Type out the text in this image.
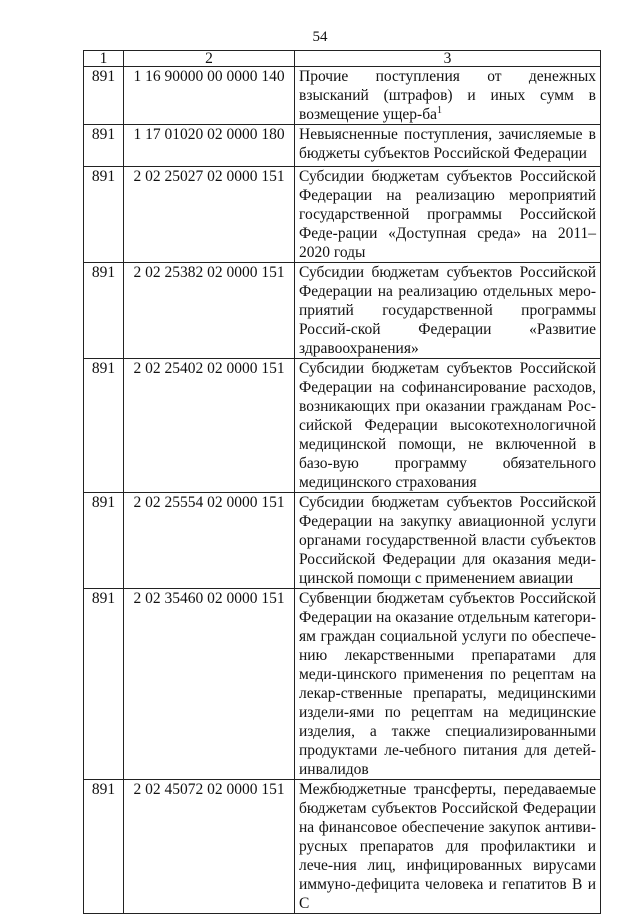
54
1	2	3
891	1 16 90000 00 0000 140	Прочие поступления от денежных взысканий (штрафов) и иных сумм в возмещение ущер-ба$^1$
891	1 17 01020 02 0000 180	Невыясненные поступления, зачисляемые в бюджеты субъектов Российской Федерации
891	2 02 25027 02 0000 151	Субсидии бюджетам субъектов Российской Федерации на реализацию мероприятий государственной программы Российской Феде-рации «Доступная среда» на 2011–2020 годы
891	2 02 25382 02 0000 151	Субсидии бюджетам субъектов Российской Федерации на реализацию отдельных меро-приятий государственной программы Россий-ской Федерации «Развитие здравоохранения»
891	2 02 25402 02 0000 151	Субсидии бюджетам субъектов Российской Федерации на софинансирование расходов, возникающих при оказании гражданам Рос-сийской Федерации высокотехнологичной медицинской помощи, не включенной в базо-вую программу обязательного медицинского страхования
891	2 02 25554 02 0000 151	Субсидии бюджетам субъектов Российской Федерации на закупку авиационной услуги органами государственной власти субъектов Российской Федерации для оказания меди-цинской помощи с применением авиации
891	2 02 35460 02 0000 151	Субвенции бюджетам субъектов Российской Федерации на оказание отдельным категори-ям граждан социальной услуги по обеспече-нию лекарственными препаратами для меди-цинского применения по рецептам на лекар-ственные препараты, медицинскими издели-ями по рецептам на медицинские изделия, а также специализированными продуктами ле-чебного питания для детей-инвалидов
891	2 02 45072 02 0000 151	Межбюджетные трансферты, передаваемые бюджетам субъектов Российской Федерации на финансовое обеспечение закупок антиви-русных препаратов для профилактики и лече-ния лиц, инфицированных вирусами иммуно-дефицита человека и гепатитов B и C
